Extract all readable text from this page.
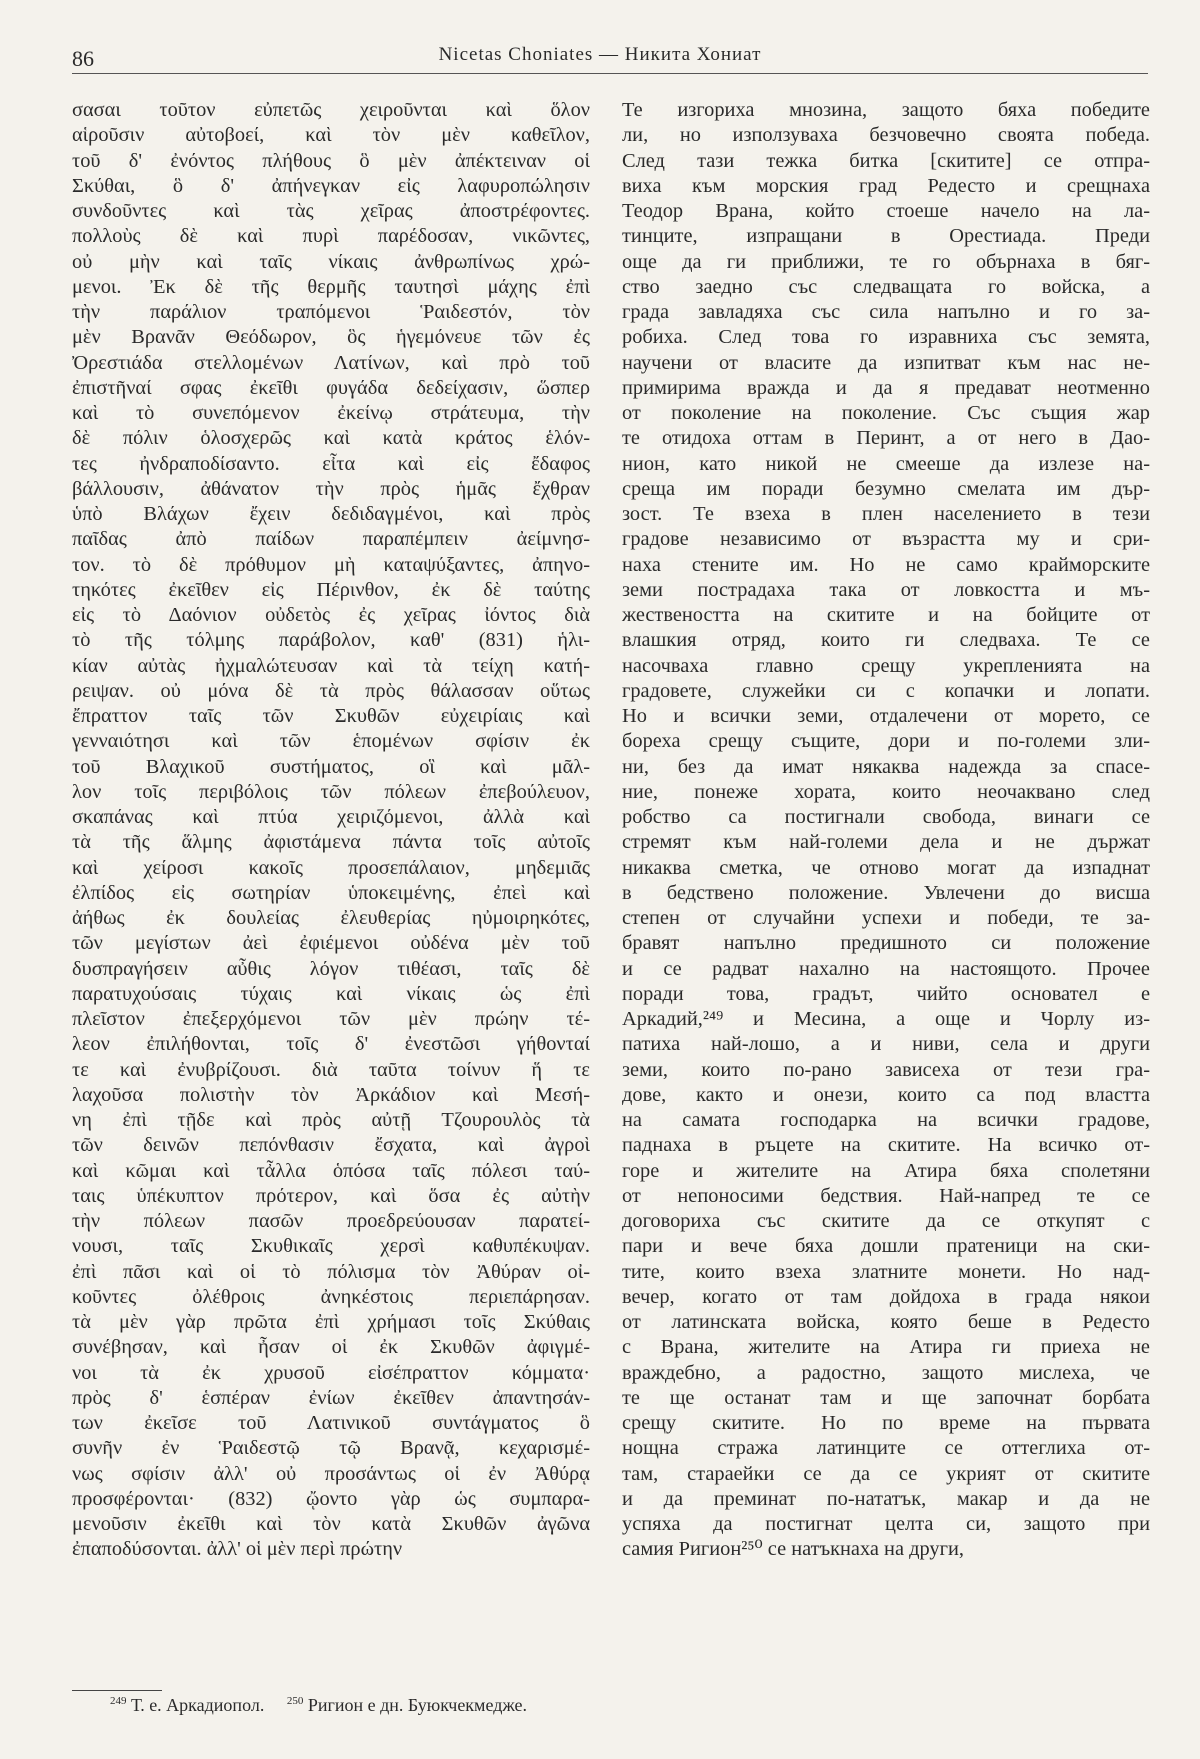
86	Nicetas Choniates — Никита Хониат

σασαι τοῦτον εὐπετῶς χειροῦνται καὶ ὅλον

αἱροῦσιν αὐτοβοεί, καὶ τὸν μὲν καθεῖλον,

τοῦ δ' ἐνόντος πλήθους ὃ μὲν ἀπέκτειναν οἱ

Σκύθαι, ὃ δ' ἀπήνεγκαν εἰς λαφυροπώλησιν

συνδοῦντες καὶ τὰς χεῖρας ἀποστρέφοντες.

πολλοὺς δὲ καὶ πυρὶ παρέδοσαν, νικῶντες,

οὐ μὴν καὶ ταῖς νίκαις ἀνθρωπίνως χρώ-

μενοι. Ἐκ δὲ τῆς θερμῆς ταυτησὶ μάχης ἐπὶ

τὴν παράλιον τραπόμενοι Ῥαιδεστόν, τὸν

μὲν Βρανᾶν Θεόδωρον, ὃς ἡγεμόνευε τῶν ἐς

Ὀρεστιάδα στελλομένων Λατίνων, καὶ πρὸ τοῦ

ἐπιστῆναί σφας ἐκεῖθι φυγάδα δεδείχασιν, ὥσπερ

καὶ τὸ συνεπόμενον ἐκείνῳ στράτευμα, τὴν

δὲ πόλιν ὁλοσχερῶς καὶ κατὰ κράτος ἑλόν-

τες ἠνδραποδίσαντο. εἶτα καὶ εἰς ἔδαφος

βάλλουσιν, ἀθάνατον τὴν πρὸς ἡμᾶς ἔχθραν

ὑπὸ Βλάχων ἔχειν δεδιδαγμένοι, καὶ πρὸς

παῖδας ἀπὸ παίδων παραπέμπειν ἀείμνησ-

τον. τὸ δὲ πρόθυμον μὴ καταψύξαντες, ἀπηνο-

τηκότες ἐκεῖθεν εἰς Πέρινθον, ἐκ δὲ ταύτης

εἰς τὸ Δαόνιον οὐδετὸς ἐς χεῖρας ἰόντος διὰ

τὸ τῆς τόλμης παράβολον, καθ' (831) ἡλι-

κίαν αὐτὰς ἠχμαλώτευσαν καὶ τὰ τείχη κατή-

ρειψαν. οὐ μόνα δὲ τὰ πρὸς θάλασσαν οὕτως

ἔπραττον ταῖς τῶν Σκυθῶν εὐχειρίαις καὶ

γενναιότησι καὶ τῶν ἑπομένων σφίσιν ἐκ

τοῦ Βλαχικοῦ συστήματος, οἳ καὶ μᾶλ-

λον τοῖς περιβόλοις τῶν πόλεων ἐπεβούλευον,

σκαπάνας καὶ πτύα χειριζόμενοι, ἀλλὰ καὶ

τὰ τῆς ἅλμης ἀφιστάμενα πάντα τοῖς αὐτοῖς

καὶ χείροσι κακοῖς προσεπάλαιον, μηδεμιᾶς

ἐλπίδος εἰς σωτηρίαν ὑποκειμένης, ἐπεὶ καὶ

ἀήθως ἐκ δουλείας ἐλευθερίας ηὐμοιρηκότες,

τῶν μεγίστων ἀεὶ ἐφιέμενοι οὐδένα μὲν τοῦ

δυσπραγήσειν αὖθις λόγον τιθέασι, ταῖς δὲ

παρατυχούσαις τύχαις καὶ νίκαις ὡς ἐπὶ

πλεῖστον ἐπεξερχόμενοι τῶν μὲν πρώην τέ-

λεον ἐπιλήθονται, τοῖς δ' ἐνεστῶσι γήθονταί

τε καὶ ἐνυβρίζουσι. διὰ ταῦτα τοίνυν ἥ τε

λαχοῦσα πολιστὴν τὸν Ἀρκάδιον καὶ Μεσή-

νη ἐπὶ τῇδε καὶ πρὸς αὐτῇ Τζουρουλὸς τὰ

τῶν δεινῶν πεπόνθασιν ἔσχατα, καὶ ἀγροὶ

καὶ κῶμαι καὶ τἆλλα ὁπόσα ταῖς πόλεσι ταύ-

ταις ὑπέκυπτον πρότερον, καὶ ὅσα ἐς αὐτὴν

τὴν πόλεων πασῶν προεδρεύουσαν παρατεί-

νουσι, ταῖς Σκυθικαῖς χερσὶ καθυπέκυψαν.

ἐπὶ πᾶσι καὶ οἱ τὸ πόλισμα τὸν Ἀθύραν οἰ-

κοῦντες ὀλέθροις ἀνηκέστοις περιεπάρησαν.

τὰ μὲν γὰρ πρῶτα ἐπὶ χρήμασι τοῖς Σκύθαις

συνέβησαν, καὶ ἦσαν οἱ ἐκ Σκυθῶν ἀφιγμέ-

νοι τὰ ἐκ χρυσοῦ εἰσέπραττον κόμματα·

πρὸς δ' ἑσπέραν ἐνίων ἐκεῖθεν ἀπαντησάν-

των ἐκεῖσε τοῦ Λατινικοῦ συντάγματος ὃ

συνῆν ἐν Ῥαιδεστῷ τῷ Βρανᾷ, κεχαρισμέ-

νως σφίσιν ἀλλ' οὐ προσάντως οἱ ἐν Ἀθύρᾳ

προσφέρονται· (832) ᾤοντο γὰρ ὡς συμπαρα-

μενοῦσιν ἐκεῖθι καὶ τὸν κατὰ Σκυθῶν ἀγῶνα

ἐπαποδύσονται. ἀλλ' οἱ μὲν περὶ πρώτην

Те изгориха мнозина, защото бяха победите

ли, но използуваха безчовечно своята победа.

След тази тежка битка [скитите] се отпра-

виха към морския град Редесто и срещнаха

Теодор Врана, който стоеше начело на ла-

тинците, изпращани в Орестиада. Преди

още да ги приближи, те го обърнаха в бяг-

ство заедно със следващата го войска, а

града завладяха със сила напълно и го за-

робиха. След това го изравниха със земята,

научени от власите да изпитват към нас не-

примирима вражда и да я предават неотменно

от поколение на поколение. Със същия жар

те отидоха оттам в Перинт, а от него в Дао-

нион, като никой не смееше да излезе на-

среща им поради безумно смелата им дър-

зост. Те взеха в плен населението в тези

градове независимо от възрастта му и сри-

наха стените им. Но не само крайморските

земи пострадаха така от ловкостта и мъ-

жествеността на скитите и на бойците от

влашкия отряд, които ги следваха. Те се

насочваха главно срещу укрепленията на

градовете, служейки си с копачки и лопати.

Но и всички земи, отдалечени от морето, се

бореха срещу същите, дори и по-големи зли-

ни, без да имат някаква надежда за спасе-

ние, понеже хората, които неочаквано след

робство са постигнали свобода, винаги се

стремят към най-големи дела и не държат

никаква сметка, че отново могат да изпаднат

в бедствено положение. Увлечени до висша

степен от случайни успехи и победи, те за-

бравят напълно предишното си положение

и се радват нахално на настоящото. Прочее

поради това, градът, чийто основател е

Аркадий,²⁴⁹ и Месина, а още и Чорлу из-

патиха най-лошо, а и ниви, села и други

земи, които по-рано зависеха от тези гра-

дове, както и онези, които са под властта

на самата господарка на всички градове,

паднаха в ръцете на скитите. На всичко от-

горе и жителите на Атира бяха сполетяни

от непоносими бедствия. Най-напред те се

договориха със скитите да се откупят с

пари и вече бяха дошли пратеници на ски-

тите, които взеха златните монети. Но над-

вечер, когато от там дойдоха в града някои

от латинската войска, която беше в Редесто

с Врана, жителите на Атира ги приеха не

враждебно, а радостно, защото мислеха, че

те ще останат там и ще започнат борбата

срещу скитите. Но по време на първата

нощна стража латинците се оттеглиха от-

там, стараейки се да се укрият от скитите

и да преминат по-нататък, макар и да не

успяха да постигнат целта си, защото при

самия Ригион²⁵⁰ се натъкнаха на други,

$^{249}$ Т. е. Аркадиопол. $^{250}$ Ригион е дн. Буюкчекмедже.
